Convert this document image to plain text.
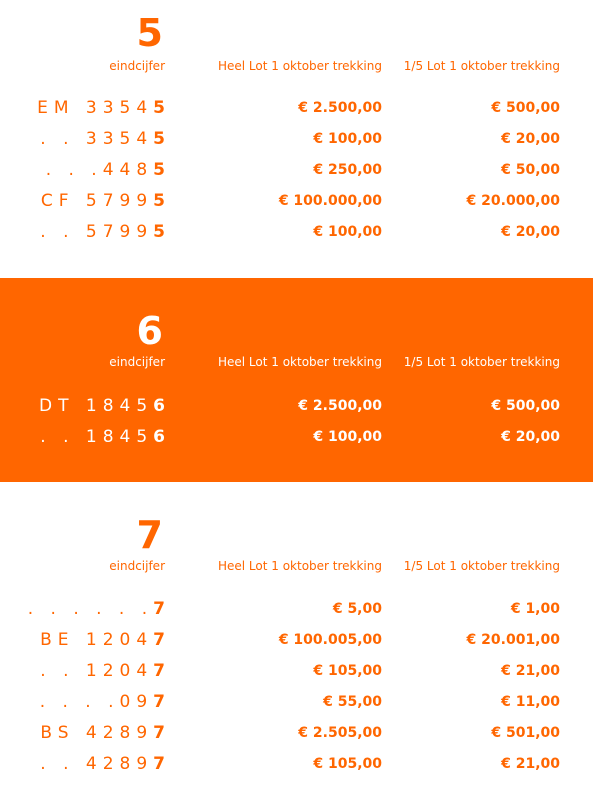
5
eindcijfer	Heel Lot 1 oktober trekking 1/5 Lot 1 oktober trekking
EM 33545	€ 2.500,00	€ 500,00
. . 33545	€ 100,00	€ 20,00
. . .4485	€ 250,00	€ 50,00
CF 57995	€ 100.000,00	€ 20.000,00
. . 57995	€ 100,00	€ 20,00
6
eindcijfer	Heel Lot 1 oktober trekking 1/5 Lot 1 oktober trekking
DT 18456	€ 2.500,00	€ 500,00
. . 18456	€ 100,00	€ 20,00
7
eindcijfer	Heel Lot 1 oktober trekking 1/5 Lot 1 oktober trekking
. . . . . .7	€ 5,00	€ 1,00
BE 12047	€ 100.005,00	€ 20.001,00
. . 12047	€ 105,00	€ 21,00
. . . .097	€ 55,00	€ 11,00
BS 42897	€ 2.505,00	€ 501,00
. . 42897	€ 105,00	€ 21,00
